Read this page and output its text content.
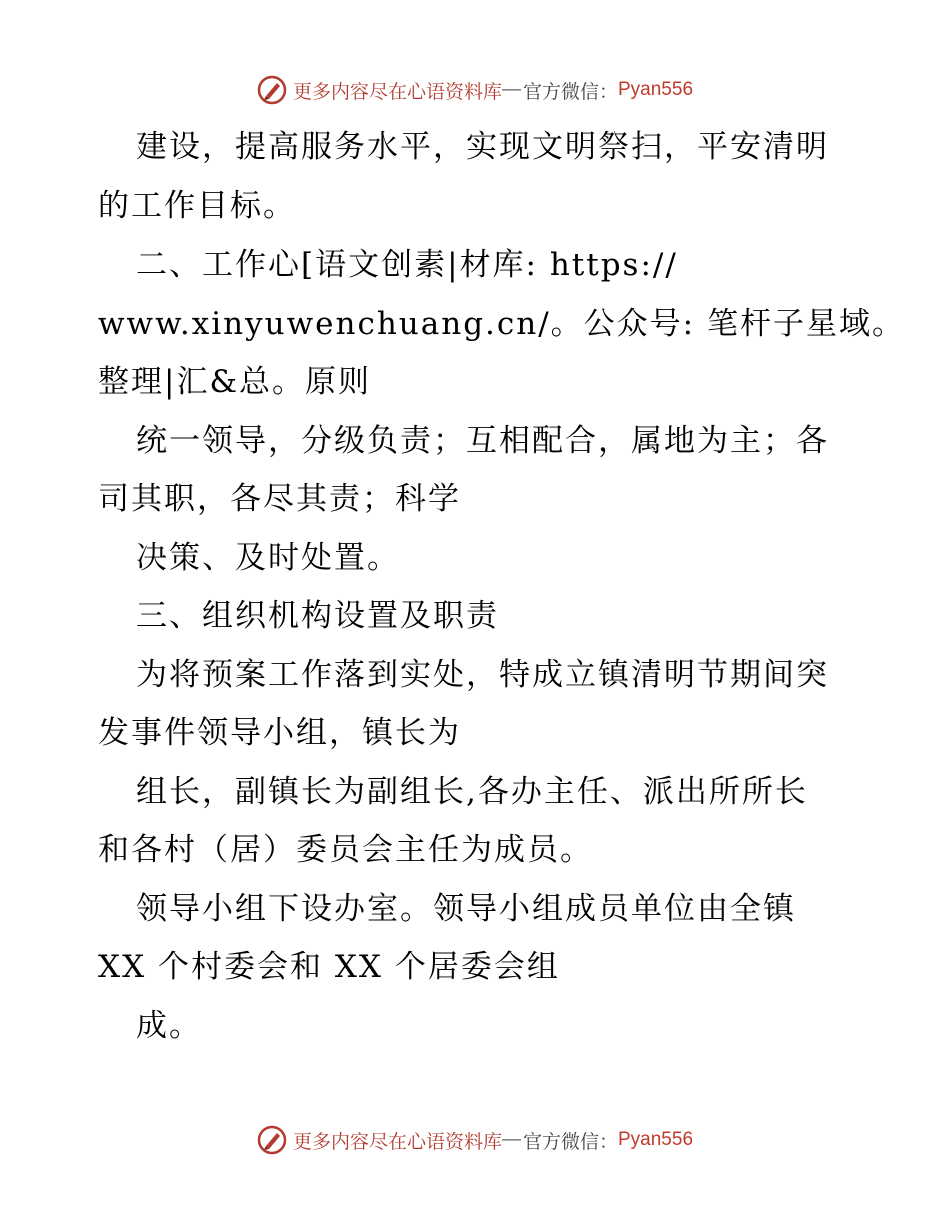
更多内容尽在心语资料库 — 官方微信： Pyan556
建设，提高服务水平，实现文明祭扫，平安清明
的工作目标。
二、工作心[语文创素|材库: https://
www.xinyuwenchuang.cn/。公众号: 笔杆子星域。
整理|汇&总。原则
统一领导，分级负责；互相配合，属地为主；各
司其职，各尽其责；科学
决策、及时处置。
三、组织机构设置及职责
为将预案工作落到实处，特成立镇清明节期间突
发事件领导小组，镇长为
组长，副镇长为副组长,各办主任、派出所所长
和各村（居）委员会主任为成员。
领导小组下设办室。领导小组成员单位由全镇
XX 个村委会和 XX 个居委会组
成。
更多内容尽在心语资料库 — 官方微信： Pyan556
